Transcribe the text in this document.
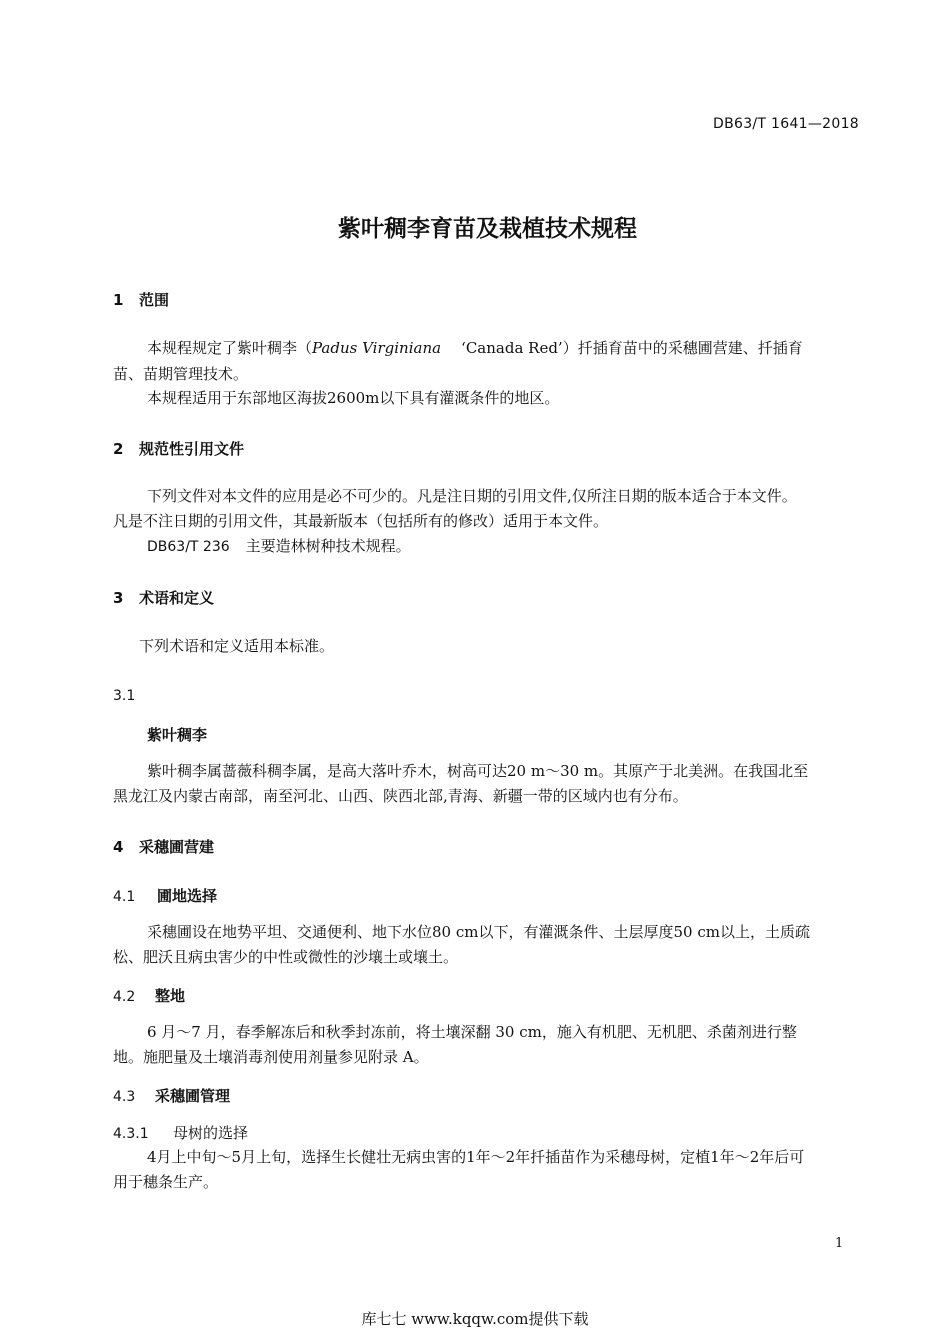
DB63/T 1641—2018
紫叶稠李育苗及栽植技术规程
1 范围
本规程规定了紫叶稠李（Padus Virginiana ‘Canada Red’）扦插育苗中的采穗圃营建、扦插育
苗、苗期管理技术。
本规程适用于东部地区海拔2600m以下具有灌溉条件的地区。
2 规范性引用文件
下列文件对本文件的应用是必不可少的。凡是注日期的引用文件,仅所注日期的版本适合于本文件。
凡是不注日期的引用文件，其最新版本（包括所有的修改）适用于本文件。
DB63/T 236 主要造林树种技术规程。
3 术语和定义
下列术语和定义适用本标准。
3.1
紫叶稠李
紫叶稠李属蔷薇科稠李属，是高大落叶乔木，树高可达20 m～30 m。其原产于北美洲。在我国北至
黑龙江及内蒙古南部，南至河北、山西、陕西北部,青海、新疆一带的区域内也有分布。
4 采穗圃营建
4.1 圃地选择
采穗圃设在地势平坦、交通便利、地下水位80 cm以下，有灌溉条件、土层厚度50 cm以上，土质疏
松、肥沃且病虫害少的中性或微性的沙壤土或壤土。
4.2 整地
6 月～7 月，春季解冻后和秋季封冻前，将土壤深翻 30 cm，施入有机肥、无机肥、杀菌剂进行整
地。施肥量及土壤消毒剂使用剂量参见附录 A。
4.3 采穗圃管理
4.3.1 母树的选择
4月上中旬～5月上旬，选择生长健壮无病虫害的1年～2年扦插苗作为采穗母树，定植1年～2年后可
用于穗条生产。
1
库七七 www.kqqw.com提供下载
